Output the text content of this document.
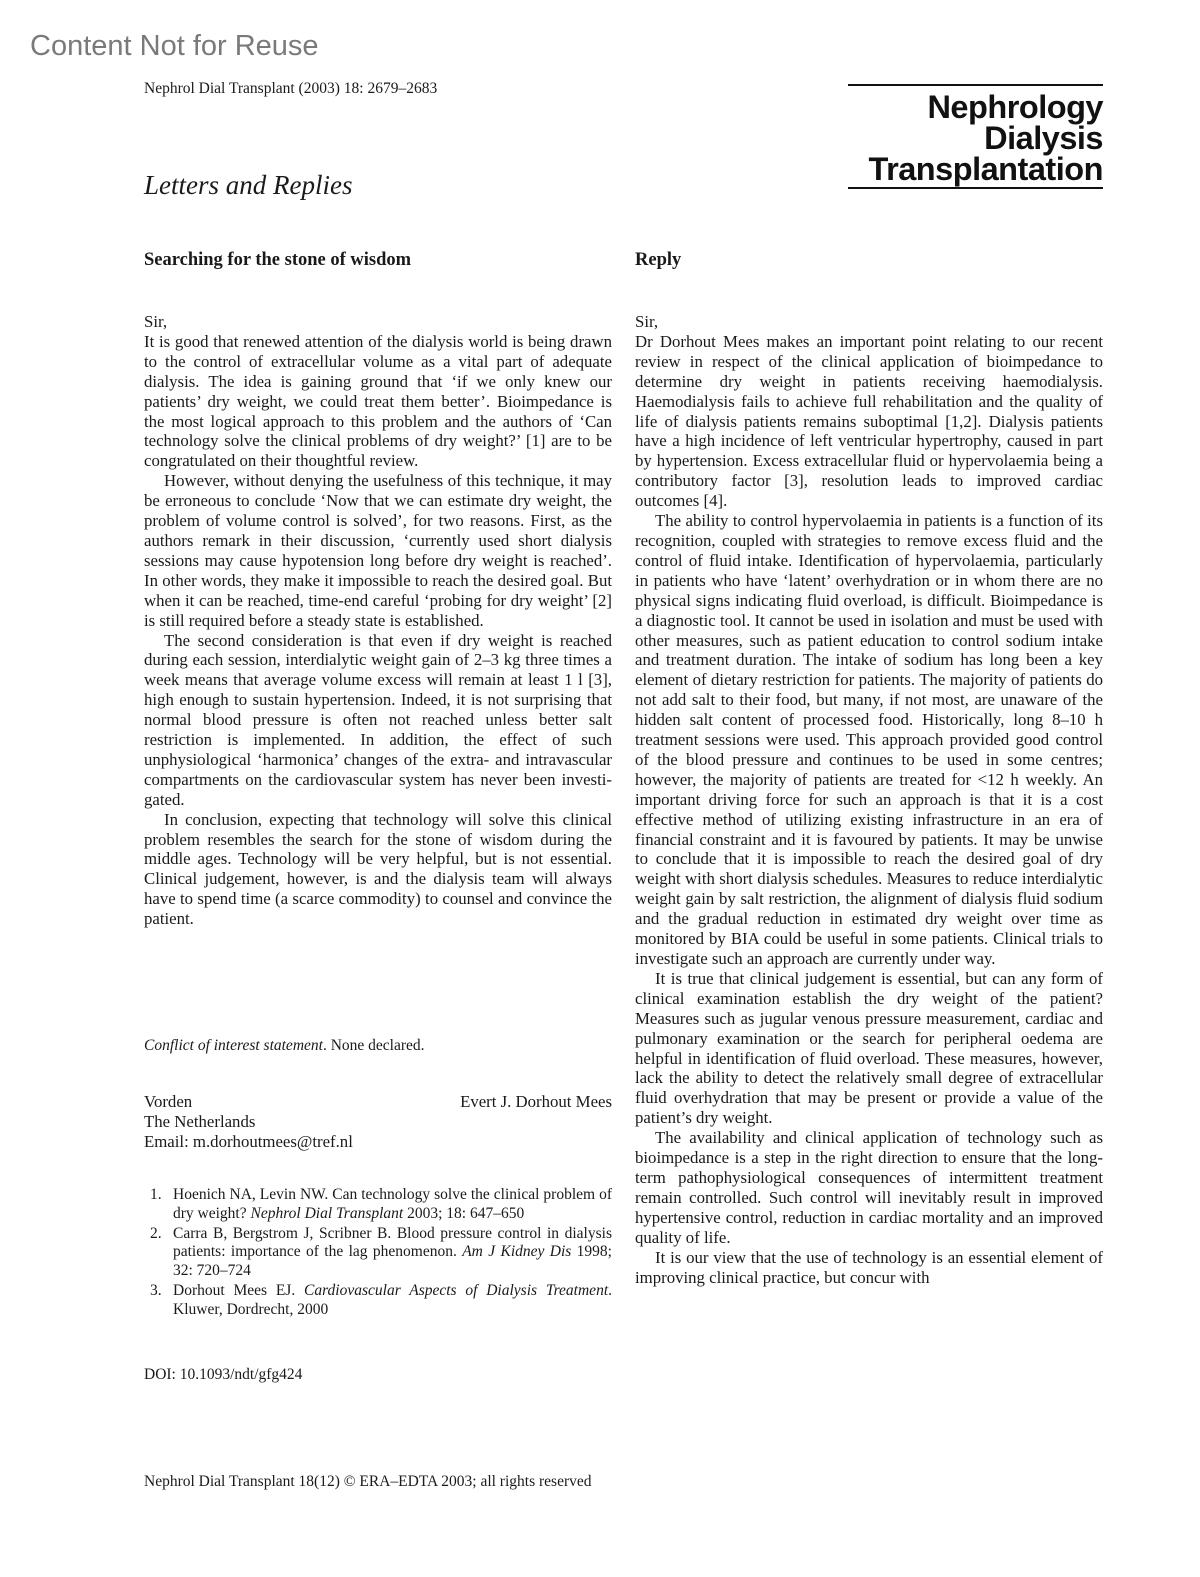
Content Not for Reuse
Nephrol Dial Transplant (2003) 18: 2679–2683
Nephrology
Dialysis
Transplantation
Letters and Replies
Searching for the stone of wisdom

Sir,

It is good that renewed attention of the dialysis world is being drawn to the control of extracellular volume as a vital part of adequate dialysis. The idea is gaining ground that ‘if we only knew our patients’ dry weight, we could treat them better’. Bioimpedance is the most logical approach to this problem and the authors of ‘Can technology solve the clinical problems of dry weight?’ [1] are to be congratulated on their thoughtful review.

However, without denying the usefulness of this technique, it may be erroneous to conclude ‘Now that we can estimate dry weight, the problem of volume control is solved’, for two reasons. First, as the authors remark in their discussion, ‘currently used short dialysis sessions may cause hypotension long before dry weight is reached’. In other words, they make it impossible to reach the desired goal. But when it can be reached, time-end careful ‘probing for dry weight’ [2] is still required before a steady state is established.

The second consideration is that even if dry weight is reached during each session, interdialytic weight gain of 2–3 kg three times a week means that average volume excess will remain at least 1 l [3], high enough to sustain hypertension. Indeed, it is not surprising that normal blood pressure is often not reached unless better salt restriction is implemented. In addition, the effect of such unphysiological ‘harmonica’ changes of the extra- and intravascular compartments on the cardiovascular system has never been investigated.

In conclusion, expecting that technology will solve this clinical problem resembles the search for the stone of wisdom during the middle ages. Technology will be very helpful, but is not essential. Clinical judgement, however, is and the dialysis team will always have to spend time (a scarce commodity) to counsel and convince the patient.

Conflict of interest statement. None declared.
Vorden
The Netherlands
Email: m.dorhoutmees@tref.nl
Evert J. Dorhout Mees
1. Hoenich NA, Levin NW. Can technology solve the clinical problem of dry weight? Nephrol Dial Transplant 2003; 18: 647–650
2. Carra B, Bergstrom J, Scribner B. Blood pressure control in dialysis patients: importance of the lag phenomenon. Am J Kidney Dis 1998; 32: 720–724
3. Dorhout Mees EJ. Cardiovascular Aspects of Dialysis Treatment. Kluwer, Dordrecht, 2000
DOI: 10.1093/ndt/gfg424
Reply

Sir,

Dr Dorhout Mees makes an important point relating to our recent review in respect of the clinical application of bioimpedance to determine dry weight in patients receiving haemodialysis. Haemodialysis fails to achieve full rehabilitation and the quality of life of dialysis patients remains suboptimal [1,2]. Dialysis patients have a high incidence of left ventricular hypertrophy, caused in part by hypertension. Excess extracellular fluid or hypervolaemia being a contributory factor [3], resolution leads to improved cardiac outcomes [4].

The ability to control hypervolaemia in patients is a function of its recognition, coupled with strategies to remove excess fluid and the control of fluid intake. Identification of hypervolaemia, particularly in patients who have ‘latent’ overhydration or in whom there are no physical signs indicating fluid overload, is difficult. Bioimpedance is a diagnostic tool. It cannot be used in isolation and must be used with other measures, such as patient education to control sodium intake and treatment duration. The intake of sodium has long been a key element of dietary restriction for patients. The majority of patients do not add salt to their food, but many, if not most, are unaware of the hidden salt content of processed food. Historically, long 8–10 h treatment sessions were used. This approach provided good control of the blood pressure and continues to be used in some centres; however, the majority of patients are treated for <12 h weekly. An important driving force for such an approach is that it is a cost effective method of utilizing existing infrastructure in an era of financial constraint and it is favoured by patients. It may be unwise to conclude that it is impossible to reach the desired goal of dry weight with short dialysis schedules. Measures to reduce interdialytic weight gain by salt restriction, the alignment of dialysis fluid sodium and the gradual reduction in estimated dry weight over time as monitored by BIA could be useful in some patients. Clinical trials to investigate such an approach are currently under way.

It is true that clinical judgement is essential, but can any form of clinical examination establish the dry weight of the patient? Measures such as jugular venous pressure measurement, cardiac and pulmonary examination or the search for peripheral oedema are helpful in identification of fluid overload. These measures, however, lack the ability to detect the relatively small degree of extracellular fluid overhydration that may be present or provide a value of the patient’s dry weight.

The availability and clinical application of technology such as bioimpedance is a step in the right direction to ensure that the long-term pathophysiological consequences of intermittent treatment remain controlled. Such control will inevitably result in improved hypertensive control, reduction in cardiac mortality and an improved quality of life.

It is our view that the use of technology is an essential element of improving clinical practice, but concur with

Nephrol Dial Transplant 18(12) © ERA–EDTA 2003; all rights reserved
